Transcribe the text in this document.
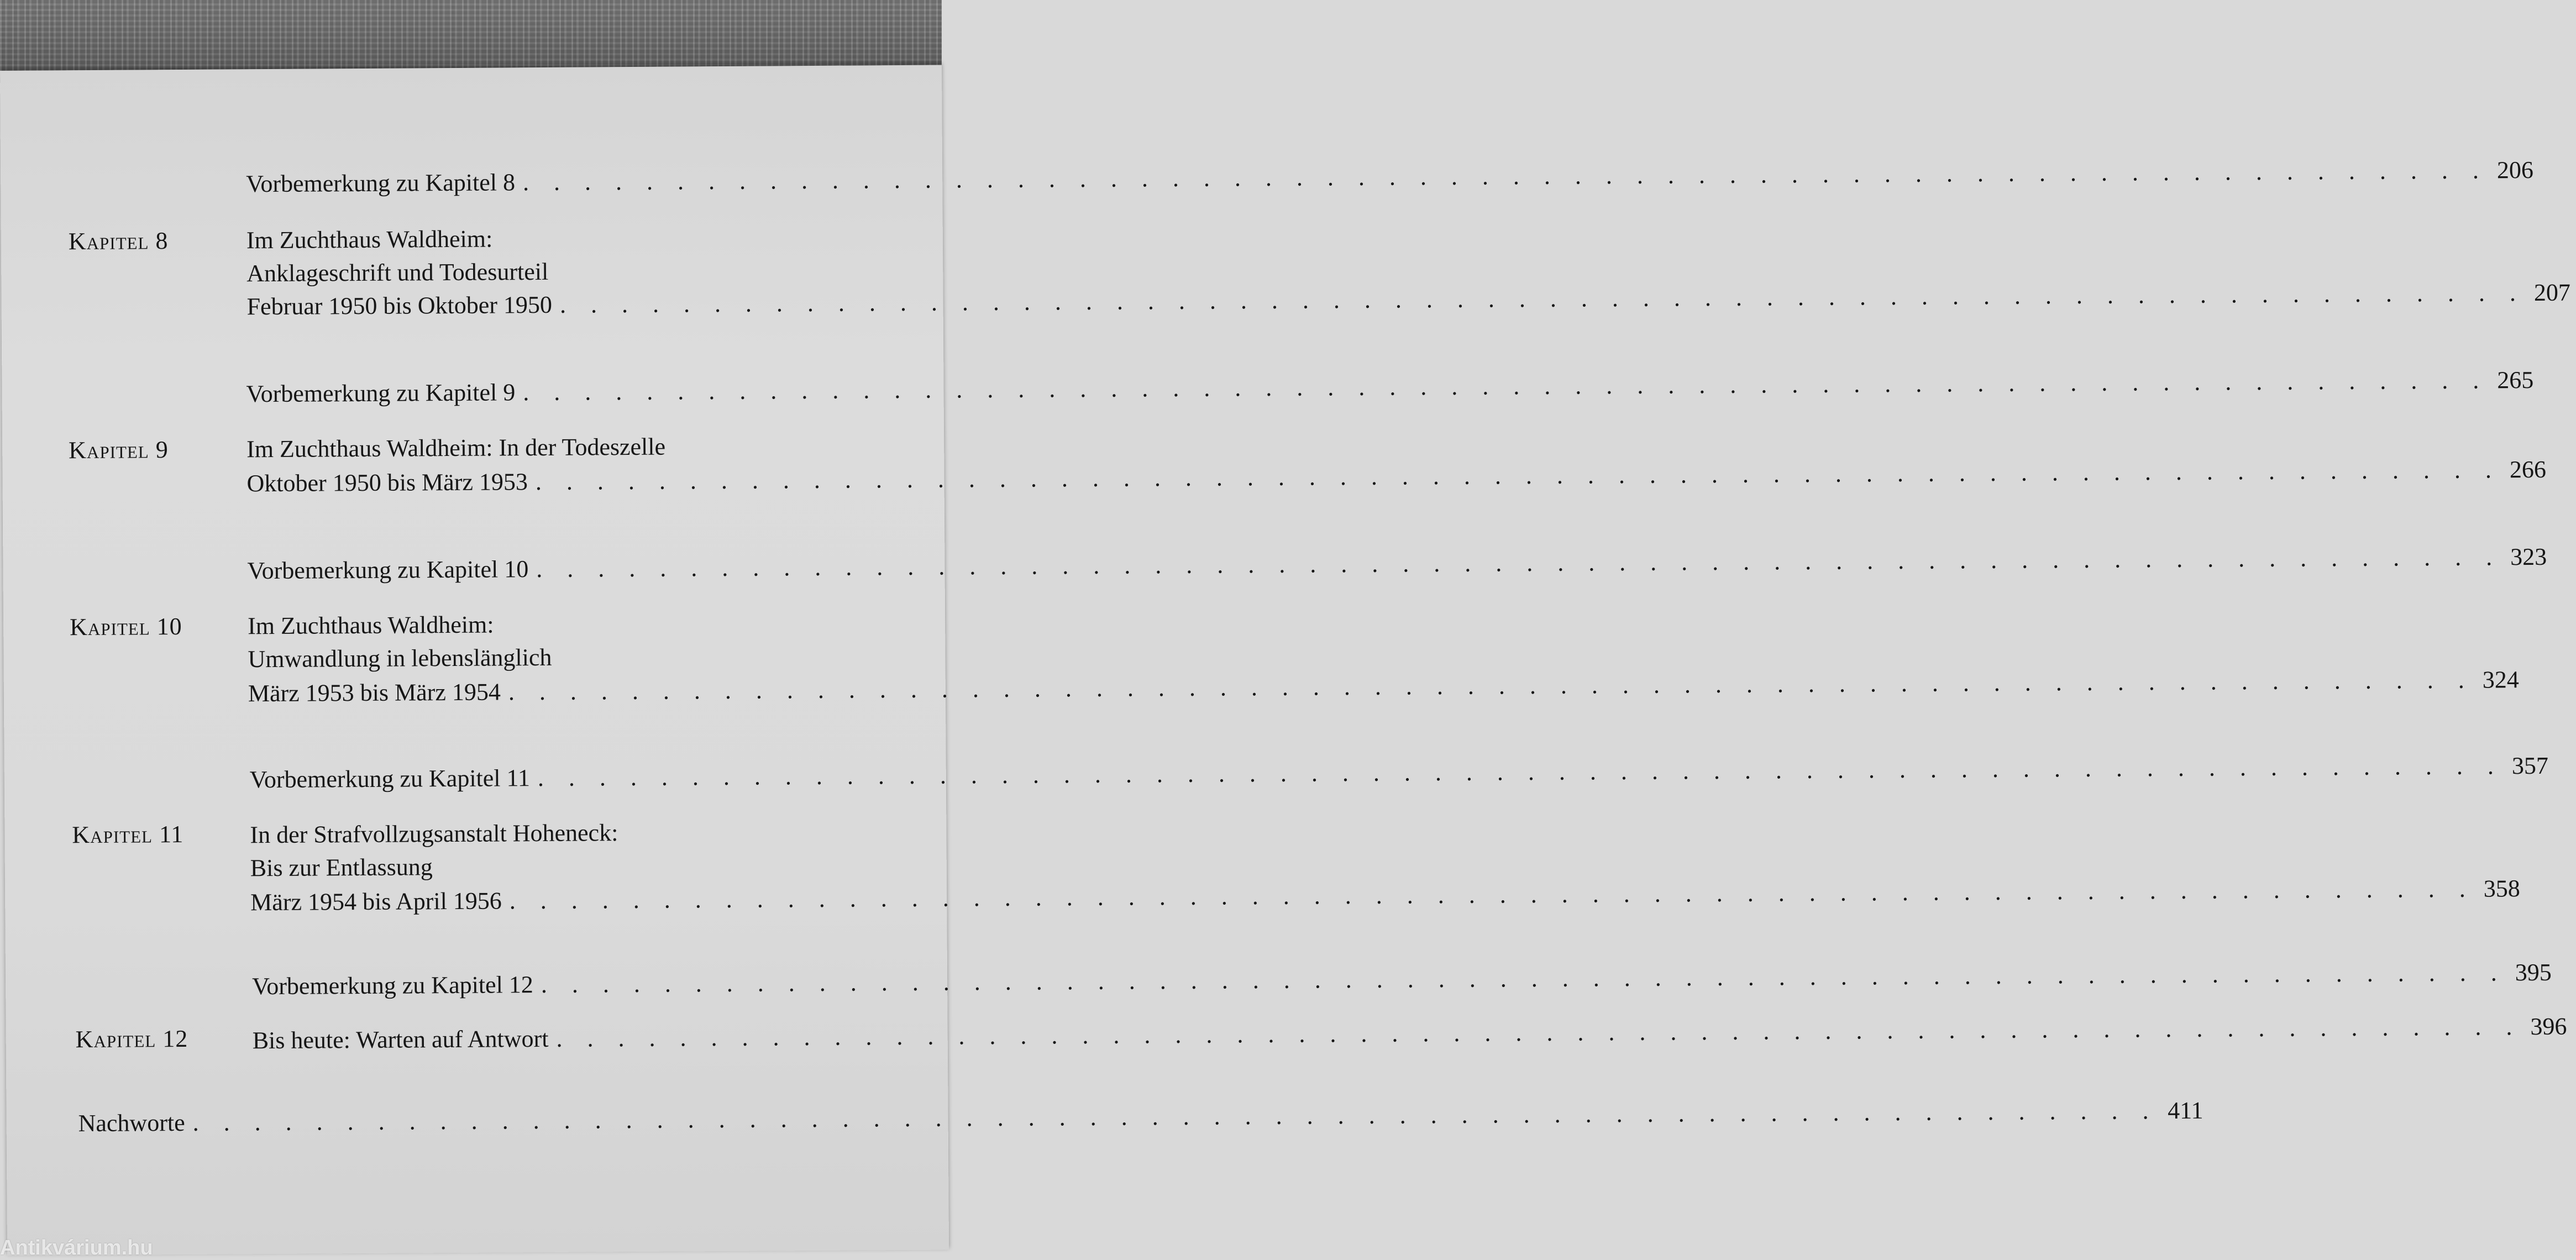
Vorbemerkung zu Kapitel 8 . . . . . . . . . . . . . . . . . . . . . . . . . . . . . . . . . . . . . . . . . . . . . . . . . . . . . . . . . . . . . . . . 206
Kapitel 8	Im Zuchthaus Waldheim:
Anklageschrift und Todesurteil
Februar 1950 bis Oktober 1950 . . . . . . . . . . . . . . . . . . . . . . . . . . . . . . . . . . . . . . . . . . . . . . . . . . . . . . . . . . . . . . . . 207
Vorbemerkung zu Kapitel 9 . . . . . . . . . . . . . . . . . . . . . . . . . . . . . . . . . . . . . . . . . . . . . . . . . . . . . . . . . . . . . . . . 265
Kapitel 9	Im Zuchthaus Waldheim: In der Todeszelle
Oktober 1950 bis März 1953 . . . . . . . . . . . . . . . . . . . . . . . . . . . . . . . . . . . . . . . . . . . . . . . . . . . . . . . . . . . . . . . . 266
Vorbemerkung zu Kapitel 10 . . . . . . . . . . . . . . . . . . . . . . . . . . . . . . . . . . . . . . . . . . . . . . . . . . . . . . . . . . . . . . . . 323
Kapitel 10	Im Zuchthaus Waldheim:
Umwandlung in lebenslänglich
März 1953 bis März 1954 . . . . . . . . . . . . . . . . . . . . . . . . . . . . . . . . . . . . . . . . . . . . . . . . . . . . . . . . . . . . . . . . 324
Vorbemerkung zu Kapitel 11 . . . . . . . . . . . . . . . . . . . . . . . . . . . . . . . . . . . . . . . . . . . . . . . . . . . . . . . . . . . . . . . . 357
Kapitel 11	In der Strafvollzugsanstalt Hoheneck:
Bis zur Entlassung
März 1954 bis April 1956 . . . . . . . . . . . . . . . . . . . . . . . . . . . . . . . . . . . . . . . . . . . . . . . . . . . . . . . . . . . . . . . . 358
Vorbemerkung zu Kapitel 12 . . . . . . . . . . . . . . . . . . . . . . . . . . . . . . . . . . . . . . . . . . . . . . . . . . . . . . . . . . . . . . . . 395
Kapitel 12	Bis heute: Warten auf Antwort . . . . . . . . . . . . . . . . . . . . . . . . . . . . . . . . . . . . . . . . . . . . . . . . . . . . . . . . . . . . . . . . 396
Nachworte . . . . . . . . . . . . . . . . . . . . . . . . . . . . . . . . . . . . . . . . . . . . . . . . . . . . . . . . . . . . . . . . 411
Antikvárium.hu
